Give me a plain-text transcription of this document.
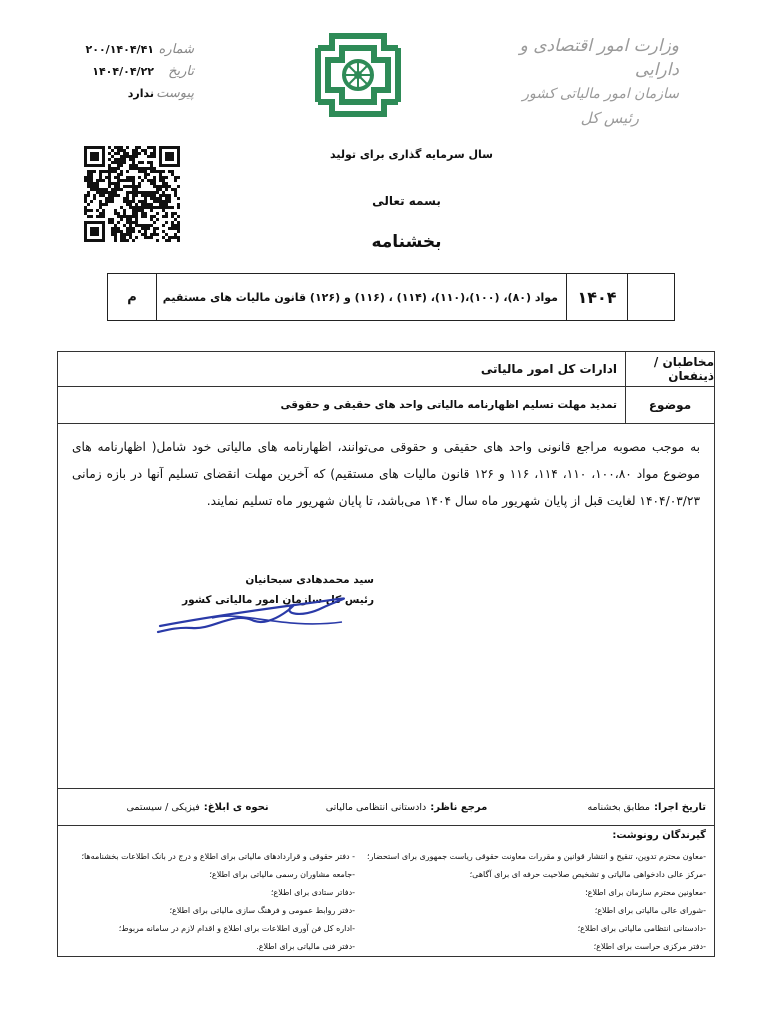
وزارت امور اقتصادی و دارایی
سازمان امور مالیاتی کشور
رئیس کل
شماره
۲۰۰/۱۴۰۴/۴۱
تاریخ
۱۴۰۴/۰۴/۲۲
پیوست
ندارد
سال سرمایه گذاری برای تولید
بسمه تعالی
بخشنامه
۱۴۰۴
مواد (۸۰)، (۱۰۰)،(۱۱۰)، (۱۱۴) ، (۱۱۶) و (۱۲۶) قانون مالیات های مستقیم
م
مخاطبان / ذینفعان
ادارات کل امور مالیاتی
موضوع
تمدید مهلت تسلیم اظهارنامه مالیاتی واحد های حقیقی و حقوقی
به موجب مصوبه مراجع قانونی واحد های حقیقی و حقوقی می‌توانند، اظهارنامه های مالیاتی خود شامل( اظهارنامه های موضوع مواد ۱۰۰،۸۰، ۱۱۰، ۱۱۴، ۱۱۶ و ۱۲۶ قانون مالیات های مستقیم) که آخرین مهلت انقضای تسلیم آنها در بازه زمانی ۱۴۰۴/۰۳/۲۳ لغایت قبل از پایان شهریور ماه سال ۱۴۰۴ می‌باشد، تا پایان شهریور ماه تسلیم نمایند.
سید محمدهادی سبحانیان
رئیس کل سازمان امور مالیاتی کشور
تاریخ اجرا:
مطابق بخشنامه
مرجع ناظر:
دادستانی انتظامی مالیاتی
نحوه ی ابلاغ:
فیزیکی / سیستمی
گیرندگان رونوشت:
-معاون محترم تدوین، تنقیح و انتشار قوانین و مقررات معاونت حقوقی ریاست جمهوری برای استحضار؛
-مرکز عالی دادخواهی مالیاتی و تشخیص صلاحیت حرفه ای برای آگاهی؛
-معاونین محترم سازمان برای اطلاع؛
-شورای عالی مالیاتی برای اطلاع؛
-دادستانی انتظامی مالیاتی برای اطلاع؛
-دفتر مرکزی حراست برای اطلاع؛
- دفتر حقوقی و قراردادهای مالیاتی برای اطلاع و درج در بانک اطلاعات بخشنامه‌ها؛
-جامعه مشاوران رسمی مالیاتی برای اطلاع؛
-دفاتر ستادی برای اطلاع؛
-دفتر روابط عمومی و فرهنگ سازی مالیاتی برای اطلاع؛
-اداره کل فن آوری اطلاعات برای اطلاع و اقدام لازم در سامانه مربوط؛
-دفتر فنی مالیاتی برای اطلاع.
